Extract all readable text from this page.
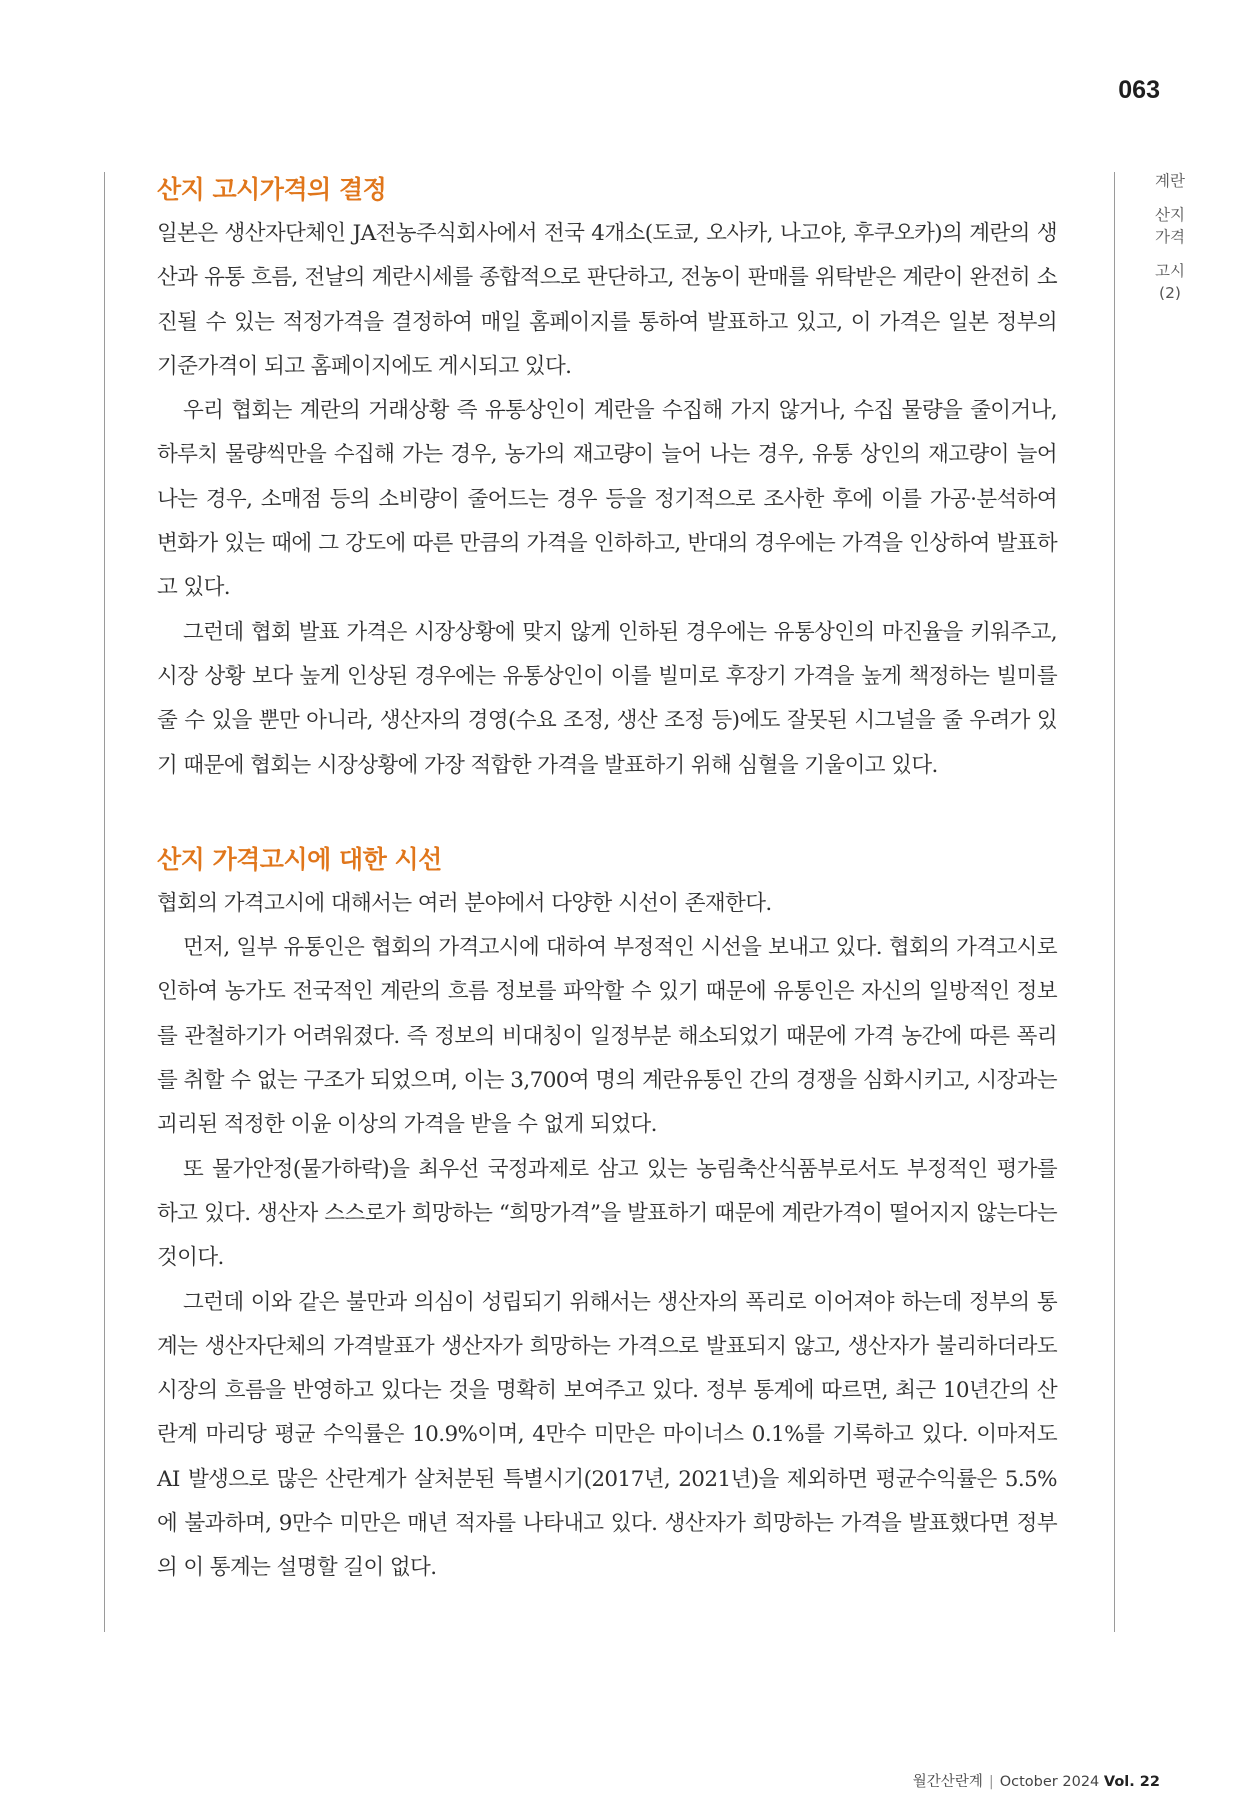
063
계란
산지가격
고시
(2)
산지 고시가격의 결정

일본은 생산자단체인 JA전농주식회사에서 전국 4개소(도쿄, 오사카, 나고야, 후쿠오카)의 계란의 생산과 유통 흐름, 전날의 계란시세를 종합적으로 판단하고, 전농이 판매를 위탁받은 계란이 완전히 소진될 수 있는 적정가격을 결정하여 매일 홈페이지를 통하여 발표하고 있고, 이 가격은 일본 정부의 기준가격이 되고 홈페이지에도 게시되고 있다.

우리 협회는 계란의 거래상황 즉 유통상인이 계란을 수집해 가지 않거나, 수집 물량을 줄이거나, 하루치 물량씩만을 수집해 가는 경우, 농가의 재고량이 늘어 나는 경우, 유통 상인의 재고량이 늘어나는 경우, 소매점 등의 소비량이 줄어드는 경우 등을 정기적으로 조사한 후에 이를 가공·분석하여 변화가 있는 때에 그 강도에 따른 만큼의 가격을 인하하고, 반대의 경우에는 가격을 인상하여 발표하고 있다.

그런데 협회 발표 가격은 시장상황에 맞지 않게 인하된 경우에는 유통상인의 마진율을 키워주고, 시장 상황 보다 높게 인상된 경우에는 유통상인이 이를 빌미로 후장기 가격을 높게 책정하는 빌미를 줄 수 있을 뿐만 아니라, 생산자의 경영(수요 조정, 생산 조정 등)에도 잘못된 시그널을 줄 우려가 있기 때문에 협회는 시장상황에 가장 적합한 가격을 발표하기 위해 심혈을 기울이고 있다.

산지 가격고시에 대한 시선

협회의 가격고시에 대해서는 여러 분야에서 다양한 시선이 존재한다.

먼저, 일부 유통인은 협회의 가격고시에 대하여 부정적인 시선을 보내고 있다. 협회의 가격고시로 인하여 농가도 전국적인 계란의 흐름 정보를 파악할 수 있기 때문에 유통인은 자신의 일방적인 정보를 관철하기가 어려워졌다. 즉 정보의 비대칭이 일정부분 해소되었기 때문에 가격 농간에 따른 폭리를 취할 수 없는 구조가 되었으며, 이는 3,700여 명의 계란유통인 간의 경쟁을 심화시키고, 시장과는 괴리된 적정한 이윤 이상의 가격을 받을 수 없게 되었다.

또 물가안정(물가하락)을 최우선 국정과제로 삼고 있는 농림축산식품부로서도 부정적인 평가를 하고 있다. 생산자 스스로가 희망하는 “희망가격”을 발표하기 때문에 계란가격이 떨어지지 않는다는 것이다.

그런데 이와 같은 불만과 의심이 성립되기 위해서는 생산자의 폭리로 이어져야 하는데 정부의 통계는 생산자단체의 가격발표가 생산자가 희망하는 가격으로 발표되지 않고, 생산자가 불리하더라도 시장의 흐름을 반영하고 있다는 것을 명확히 보여주고 있다. 정부 통계에 따르면, 최근 10년간의 산란계 마리당 평균 수익률은 10.9%이며, 4만수 미만은 마이너스 0.1%를 기록하고 있다. 이마저도 AI 발생으로 많은 산란계가 살처분된 특별시기(2017년, 2021년)을 제외하면 평균수익률은 5.5%에 불과하며, 9만수 미만은 매년 적자를 나타내고 있다. 생산자가 희망하는 가격을 발표했다면 정부의 이 통계는 설명할 길이 없다.

월간산란계 | October 2024 Vol. 22
